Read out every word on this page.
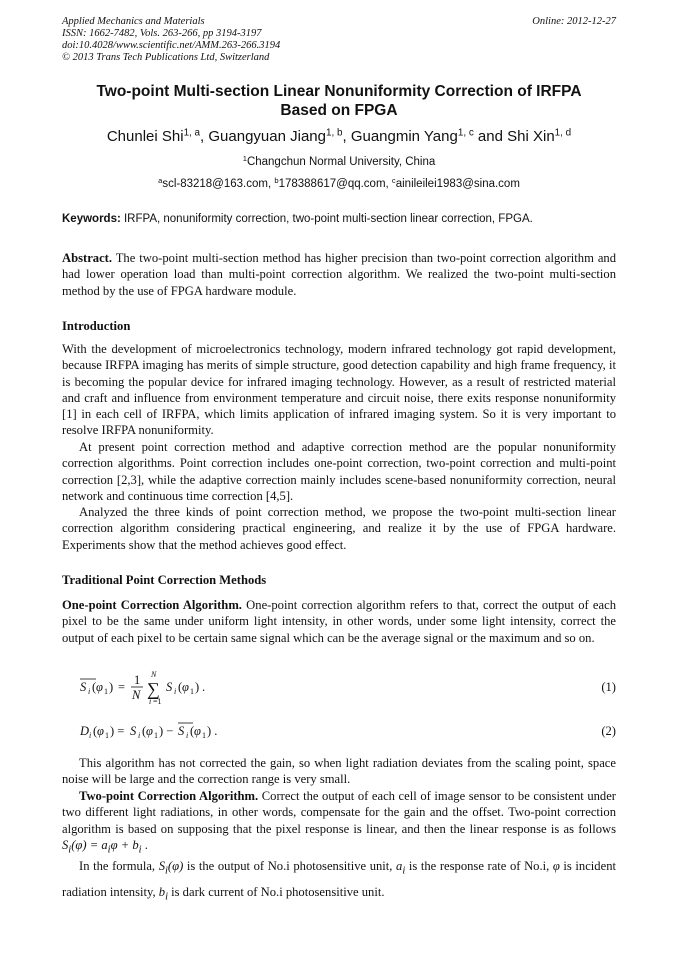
Applied Mechanics and Materials
ISSN: 1662-7482, Vols. 263-266, pp 3194-3197
doi:10.4028/www.scientific.net/AMM.263-266.3194
© 2013 Trans Tech Publications Ltd, Switzerland
Online: 2012-12-27
Two-point Multi-section Linear Nonuniformity Correction of IRFPA
Based on FPGA
Chunlei Shi$^{1, a}$, Guangyuan Jiang$^{1, b}$, Guangmin Yang$^{1, c}$ and Shi Xin$^{1, d}$
$^1$Changchun Normal University, China
$^a$scl-83218@163.com, $^b$178388617@qq.com, $^c$ainileilei1983@sina.com
Keywords: IRFPA, nonuniformity correction, two-point multi-section linear correction, FPGA.
Abstract. The two-point multi-section method has higher precision than two-point correction algorithm and had lower operation load than multi-point correction algorithm. We realized the two-point multi-section method by the use of FPGA hardware module.
Introduction
With the development of microelectronics technology, modern infrared technology got rapid development, because IRFPA imaging has merits of simple structure, good detection capability and high frame frequency, it is becoming the popular device for infrared imaging technology. However, as a result of restricted material and craft and influence from environment temperature and circuit noise, there exits response nonuniformity [1] in each cell of IRFPA, which limits application of infrared imaging system. So it is very important to resolve IRFPA nonuniformity.
At present point correction method and adaptive correction method are the popular nonuniformity correction algorithms. Point correction includes one-point correction, two-point correction and multi-point correction [2,3], while the adaptive correction mainly includes scene-based nonuniformity correction, neural network and continuous time correction [4,5].
Analyzed the three kinds of point correction method, we propose the two-point multi-section linear correction algorithm considering practical engineering, and realize it by the use of FPGA hardware. Experiments show that the method achieves good effect.
Traditional Point Correction Methods
One-point Correction Algorithm. One-point correction algorithm refers to that, correct the output of each pixel to be the same under uniform light intensity, in other words, under some light intensity, correct the output of each pixel to be certain same signal which can be the average signal or the maximum and so on.
S i ( φ 1 ) = 1
N ∑
N
i =1
S i ( φ 1 ) .	(1)
D i ( φ 1 ) = S i ( φ 1 ) − S i ( φ 1 ) .	(2)
This algorithm has not corrected the gain, so when light radiation deviates from the scaling point, space noise will be large and the correction range is very small.
Two-point Correction Algorithm. Correct the output of each cell of image sensor to be consistent under two different light radiations, in other words, compensate for the gain and the offset. Two-point correction algorithm is based on supposing that the pixel response is linear, and then the linear response is as follows $S_i(\varphi) = a_i\varphi + b_i$ .
In the formula, $S_i(\varphi)$ is the output of No.i photosensitive unit, $a_i$ is the response rate of No.i, φ is incident radiation intensity, $b_i$ is dark current of No.i photosensitive unit.
